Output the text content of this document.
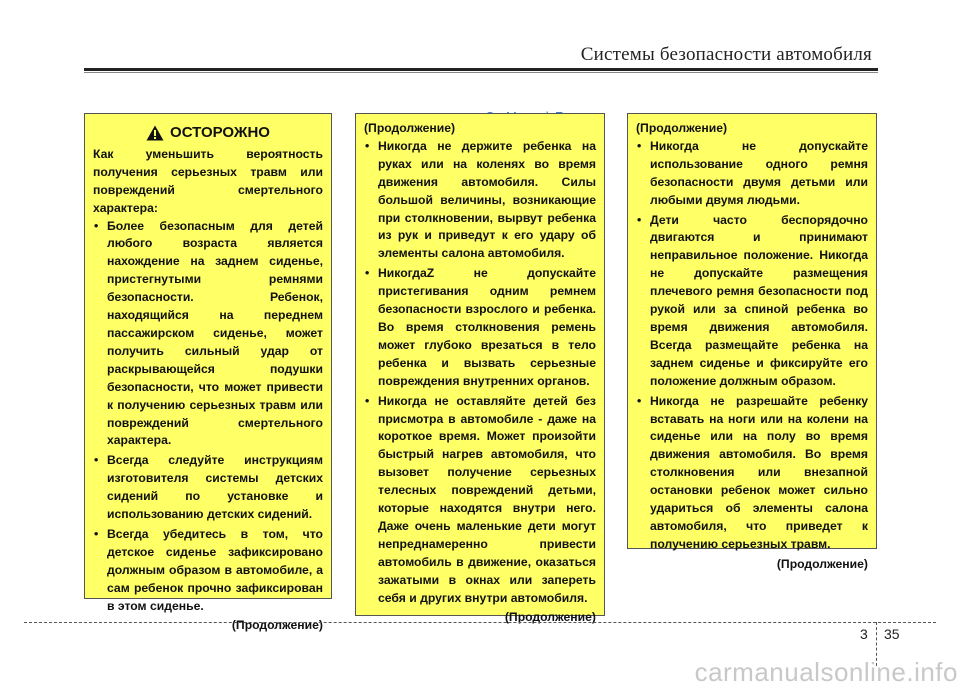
Системы безопасности автомобиля
ОСТОРОЖНО

Как уменьшить вероятность получения серьезных травм или повреждений смертельного характера:

• Более безопасным для детей любого возраста является нахождение на заднем сиденье, пристегнутыми ремнями безопасности. Ребенок, находящийся на переднем пассажирском сиденье, может получить сильный удар от раскрывающейся подушки безопасности, что может привести к получению серьезных травм или повреждений смертельного характера.
• Всегда следуйте инструкциям изготовителя системы детских сидений по установке и использованию детских сидений.
• Всегда убедитесь в том, что детское сиденье зафиксировано должным образом в автомобиле, а сам ребенок прочно зафиксирован в этом сиденье.

(Продолжение)

(Продолжение)

• Никогда не держите ребенка на руках или на коленях во время движения автомобиля. Силы большой величины, возникающие при столкновении, вырвут ребенка из рук и приведут к его удару об элементы салона автомобиля.
• НикогдаZ не допускайте пристегивания одним ремнем безопасности взрослого и ребенка. Во время столкновения ремень может глубоко врезаться в тело ребенка и вызвать серьезные повреждения внутренних органов.
• Никогда не оставляйте детей без присмотра в автомобиле - даже на короткое время. Может произойти быстрый нагрев автомобиля, что вызовет получение серьезных телесных повреждений детьми, которые находятся внутри него. Даже очень маленькие дети могут непреднамеренно привести автомобиль в движение, оказаться зажатыми в окнах или запереть себя и других внутри автомобиля.

(Продолжение)

(Продолжение)

• Никогда не допускайте использование одного ремня безопасности двумя детьми или любыми двумя людьми.
• Дети часто беспорядочно двигаются и принимают неправильное положение. Никогда не допускайте размещения плечевого ремня безопасности под рукой или за спиной ребенка во время движения автомобиля. Всегда размещайте ребенка на заднем сиденье и фиксируйте его положение должным образом.
• Никогда не разрешайте ребенку вставать на ноги или на колени на сиденье или на полу во время движения автомобиля. Во время столкновения или внезапной остановки ребенок может сильно удариться об элементы салона автомобиля, что приведет к получению серьезных травм.

(Продолжение)

3 35
carmanualsonline.info
